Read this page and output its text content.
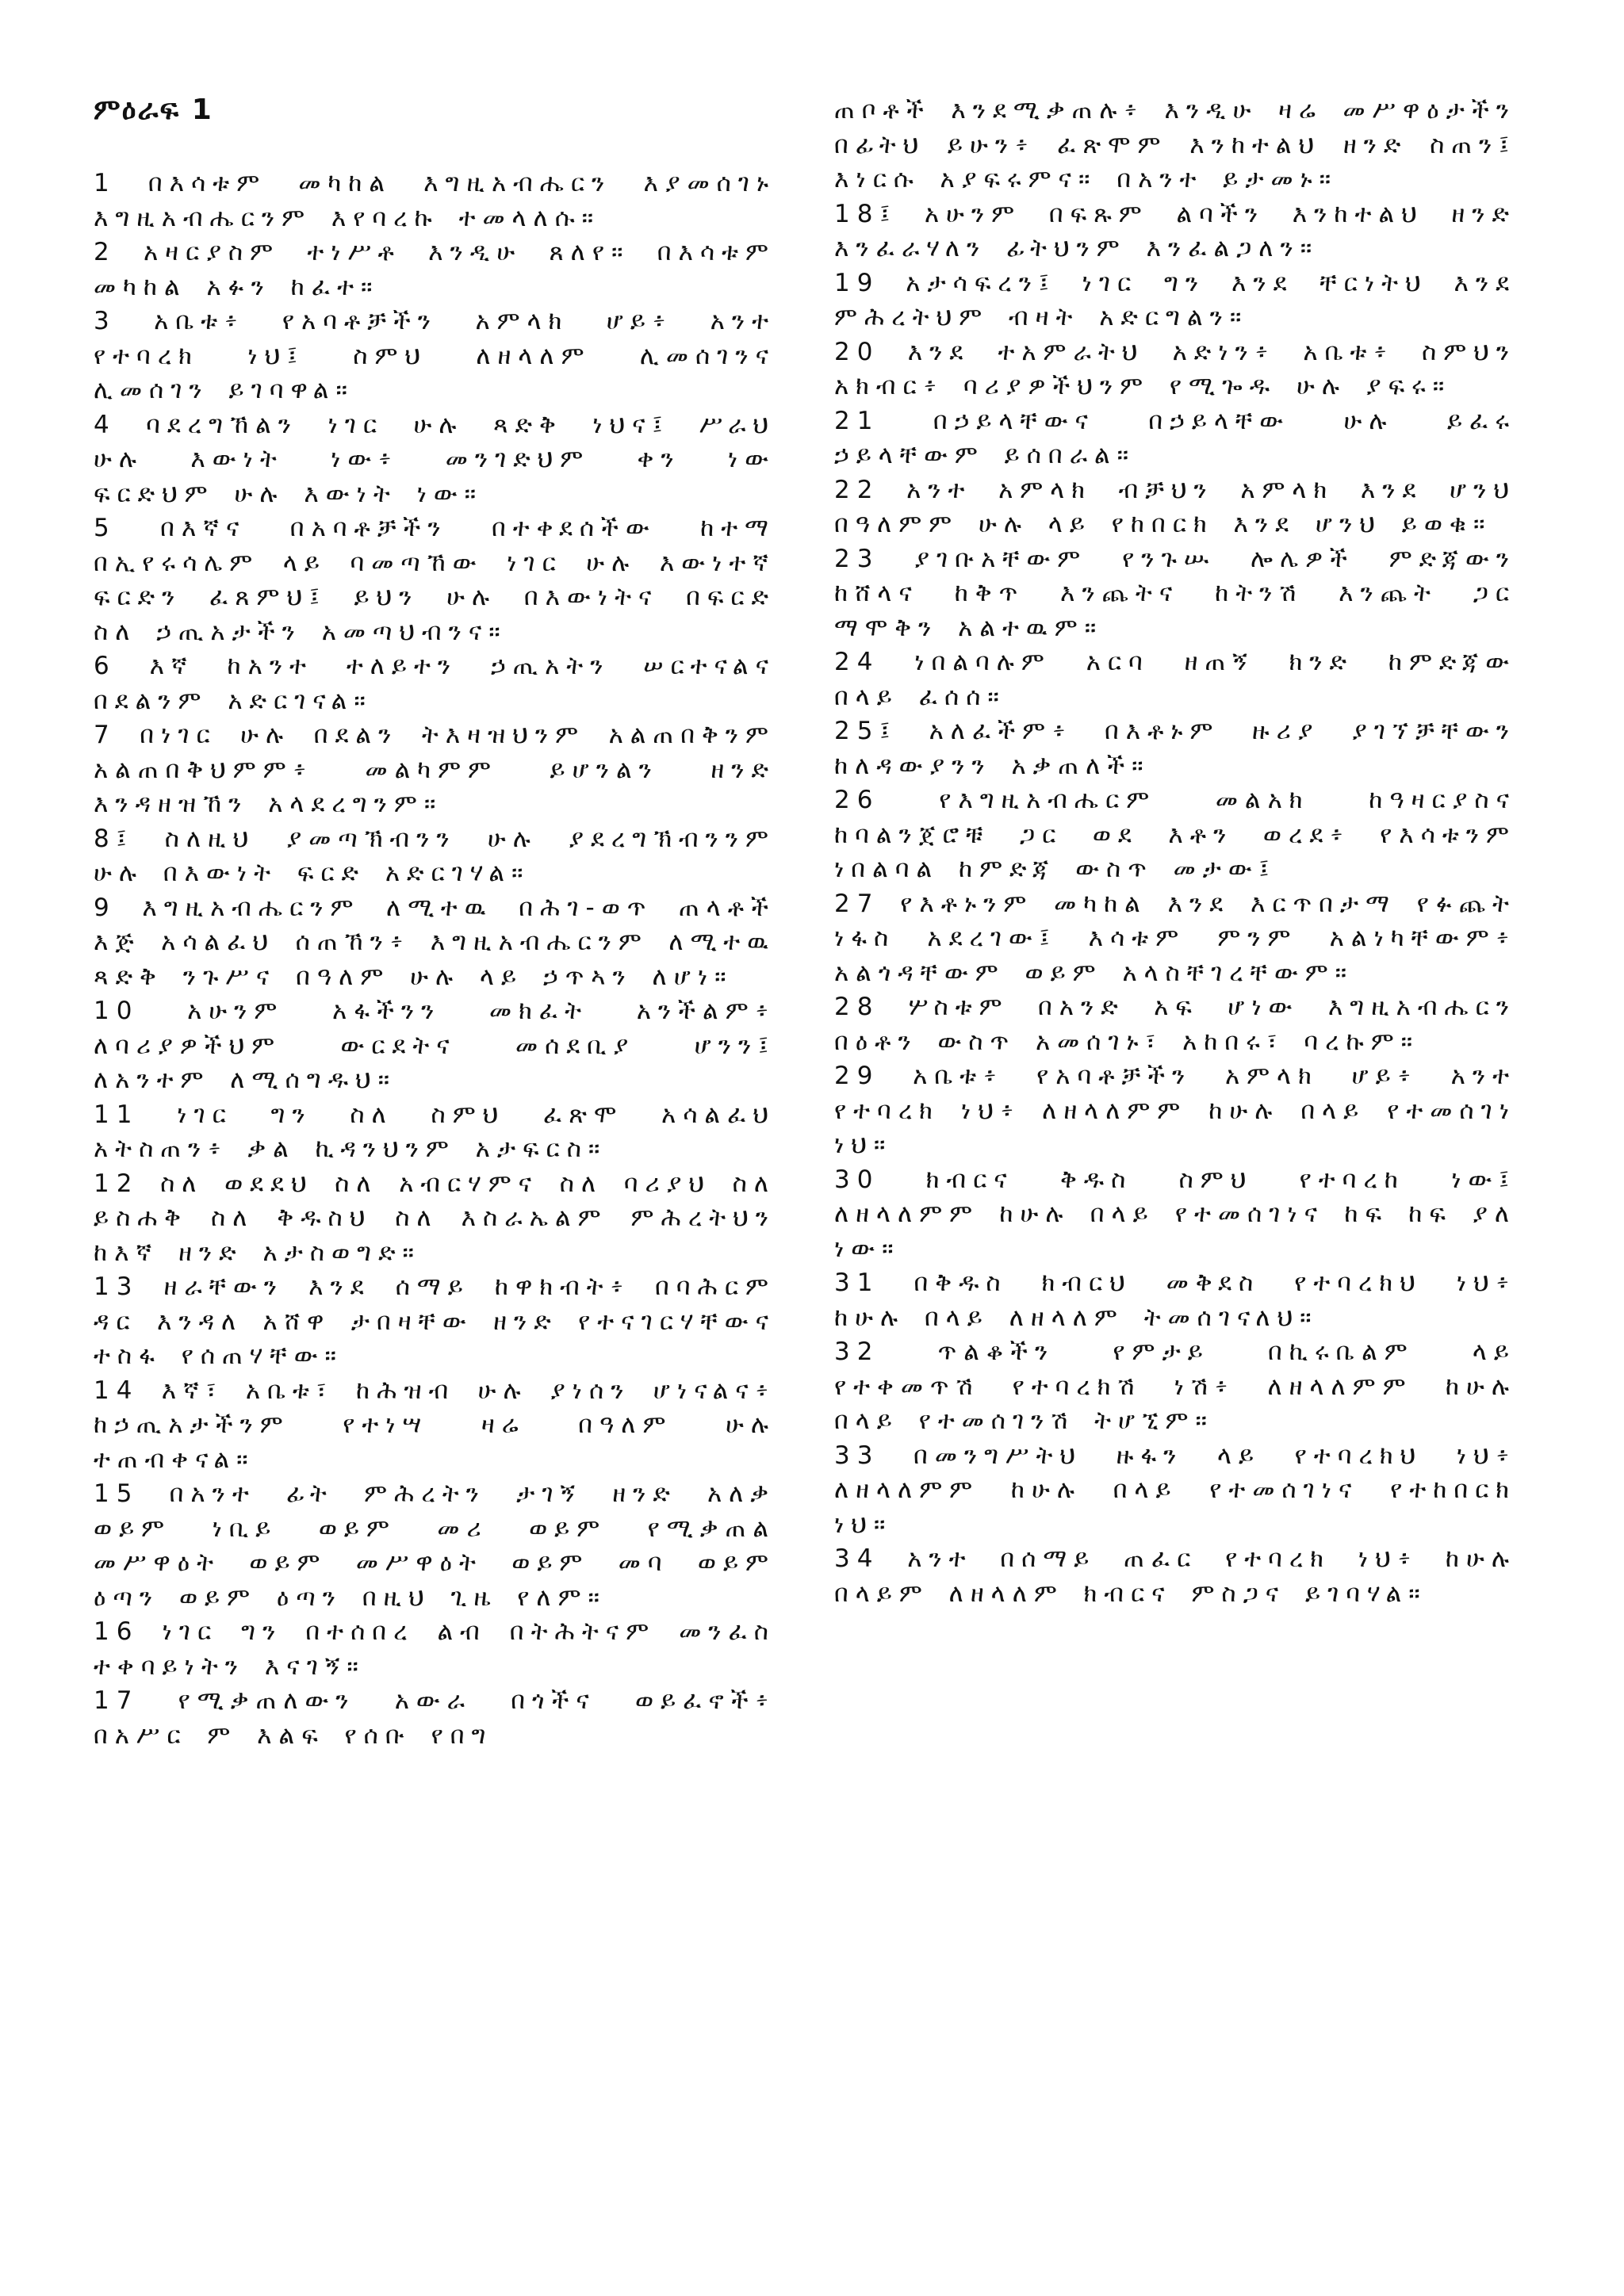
ምዕራፍ 1

1 በእሳቱም መካከል እግዚአብሔርን እያመሰገኑ እግዚአብሔርንም እየባረኩ ተመላለሱ።

2 አዛርያስም ተነሥቶ እንዲሁ ጸለየ። በእሳቱም መካከል አፉን ከፈተ።

3 አቤቱ፥ የአባቶቻችን አምላክ ሆይ፥ አንተ የተባረክ ነህ፤ ስምህ ለዘላለም ሊመሰገንና ሊመሰገን ይገባዋል።

4 ባደረግኸልን ነገር ሁሉ ጻድቅ ነህና፤ ሥራህ ሁሉ እውነት ነው፥ መንገድህም ቀን ነው ፍርድህም ሁሉ እውነት ነው።

5 በእኛና በአባቶቻችን በተቀደሰችው ከተማ በኢየሩሳሌም ላይ ባመጣኸው ነገር ሁሉ እውነተኛ ፍርድን ፈጸምህ፤ ይህን ሁሉ በእውነትና በፍርድ ስለ ኃጢአታችን አመጣህብንና።

6 እኛ ከአንተ ተለይተን ኃጢአትን ሠርተናልና በደልንም አድርገናል።

7 በነገር ሁሉ በደልን ትእዛዝህንም አልጠበቅንም አልጠበቅህምም፥ መልካምም ይሆንልን ዘንድ እንዳዘዝኸን አላደረግንም።

8፤ ስለዚህ ያመጣኽብንን ሁሉ ያደረግኽብንንም ሁሉ በእውነት ፍርድ አድርገሃል።

9 እግዚአብሔርንም ለሚተዉ በሕገ-ወጥ ጠላቶች እጅ አሳልፈህ ሰጠኸን፥ እግዚአብሔርንም ለሚተዉ ጻድቅ ንጉሥና በዓለም ሁሉ ላይ ኃጥኣን ለሆነ።

10 አሁንም አፋችንን መክፈት አንችልም፥ ለባሪያዎችህም ውርደትና መሰደቢያ ሆንን፤ ለአንተም ለሚሰግዱህ።

11 ነገር ግን ስለ ስምህ ፈጽሞ አሳልፈህ አትስጠን፥ ቃል ኪዳንህንም አታፍርስ።

12 ስለ ወደደህ ስለ አብርሃምና ስለ ባሪያህ ስለ ይስሐቅ ስለ ቅዱስህ ስለ እስራኤልም ምሕረትህን ከእኛ ዘንድ አታስወግድ።

13 ዘራቸውን እንደ ሰማይ ከዋክብት፥ በባሕርም ዳር እንዳለ አሸዋ ታበዛቸው ዘንድ የተናገርሃቸውና ተስፋ የሰጠሃቸው።

14 እኛ፣ አቤቱ፣ ከሕዝብ ሁሉ ያነሰን ሆነናልና፥ ከኃጢአታችንም የተነሣ ዛሬ በዓለም ሁሉ ተጠብቀናል።

15 በአንተ ፊት ምሕረትን ታገኝ ዘንድ አለቃ ወይም ነቢይ ወይም መሪ ወይም የሚቃጠል መሥዋዕት ወይም መሥዋዕት ወይም መባ ወይም ዕጣን ወይም ዕጣን በዚህ ጊዜ የለም።

16 ነገር ግን በተሰበረ ልብ በትሕትናም መንፈስ ተቀባይነትን እናገኝ።

17 የሚቃጠለውን አውራ በጎችና ወይፈኖች፥ በአሥር ም እልፍ የሰቡ የበግ

ጠቦቶች እንደሚቃጠሉ፥ እንዲሁ ዛሬ መሥዋዕታችን በፊትህ ይሁን፥ ፈጽሞም እንከተልህ ዘንድ ስጠን፤ እነርሱ አያፍሩምና። በአንተ ይታመኑ።

18፤ አሁንም በፍጹም ልባችን እንከተልህ ዘንድ እንፈራሃለን ፊትህንም እንፈልጋለን።

19 አታሳፍረን፤ ነገር ግን እንደ ቸርነትህ እንደ ምሕረትህም ብዛት አድርግልን።

20 እንደ ተአምራትህ አድነን፥ አቤቱ፥ ስምህን አክብር፥ ባሪያዎችህንም የሚጐዱ ሁሉ ያፍሩ።

21 በኃይላቸውና በኃይላቸው ሁሉ ይፈሩ ኃይላቸውም ይሰበራል።

22 አንተ አምላክ ብቻህን አምላክ እንደ ሆንህ በዓለምም ሁሉ ላይ የከበርክ እንደ ሆንህ ይወቁ።

23 ያገቡአቸውም የንጉሡ ሎሌዎች ምድጃውን ከሸላና ከቅጥ እንጨትና ከትንሽ እንጨት ጋር ማሞቅን አልተዉም።

24 ነበልባሉም አርባ ዘጠኝ ክንድ ከምድጃው በላይ ፈሰሰ።

25፤ አለፈችም፥ በእቶኑም ዙሪያ ያገኘቻቸውን ከለዳውያንን አቃጠለች።

26 የእግዚአብሔርም መልአክ ከዓዛርያስና ከባልንጀሮቹ ጋር ወደ እቶን ወረደ፥ የእሳቱንም ነበልባል ከምድጃ ውስጥ መታው፤

27 የእቶኑንም መካከል እንደ እርጥበታማ የፉጨት ነፋስ አደረገው፤ እሳቱም ምንም አልነካቸውም፥ አልጎዳቸውም ወይም አላስቸገረቸውም።

28 ሦስቱም በአንድ አፍ ሆነው እግዚአብሔርን በዕቶን ውስጥ አመሰገኑ፣ አከበሩ፣ ባረኩም።

29 አቤቱ፥ የአባቶቻችን አምላክ ሆይ፥ አንተ የተባረክ ነህ፥ ለዘላለምም ከሁሉ በላይ የተመሰገነ ነህ።

30 ክብርና ቅዱስ ስምህ የተባረከ ነው፤ ለዘላለምም ከሁሉ በላይ የተመሰገነና ከፍ ከፍ ያለ ነው።

31 በቅዱስ ክብርህ መቅደስ የተባረክህ ነህ፥ ከሁሉ በላይ ለዘላለም ትመሰገናለህ።

32 ጥልቆችን የምታይ በኪሩቤልም ላይ የተቀመጥሽ የተባረክሽ ነሽ፥ ለዘላለምም ከሁሉ በላይ የተመሰገንሽ ትሆኚም።

33 በመንግሥትህ ዙፋን ላይ የተባረክህ ነህ፥ ለዘላለምም ከሁሉ በላይ የተመሰገነና የተከበርክ ነህ።

34 አንተ በሰማይ ጠፈር የተባረክ ነህ፥ ከሁሉ በላይም ለዘላለም ክብርና ምስጋና ይገባሃል።
